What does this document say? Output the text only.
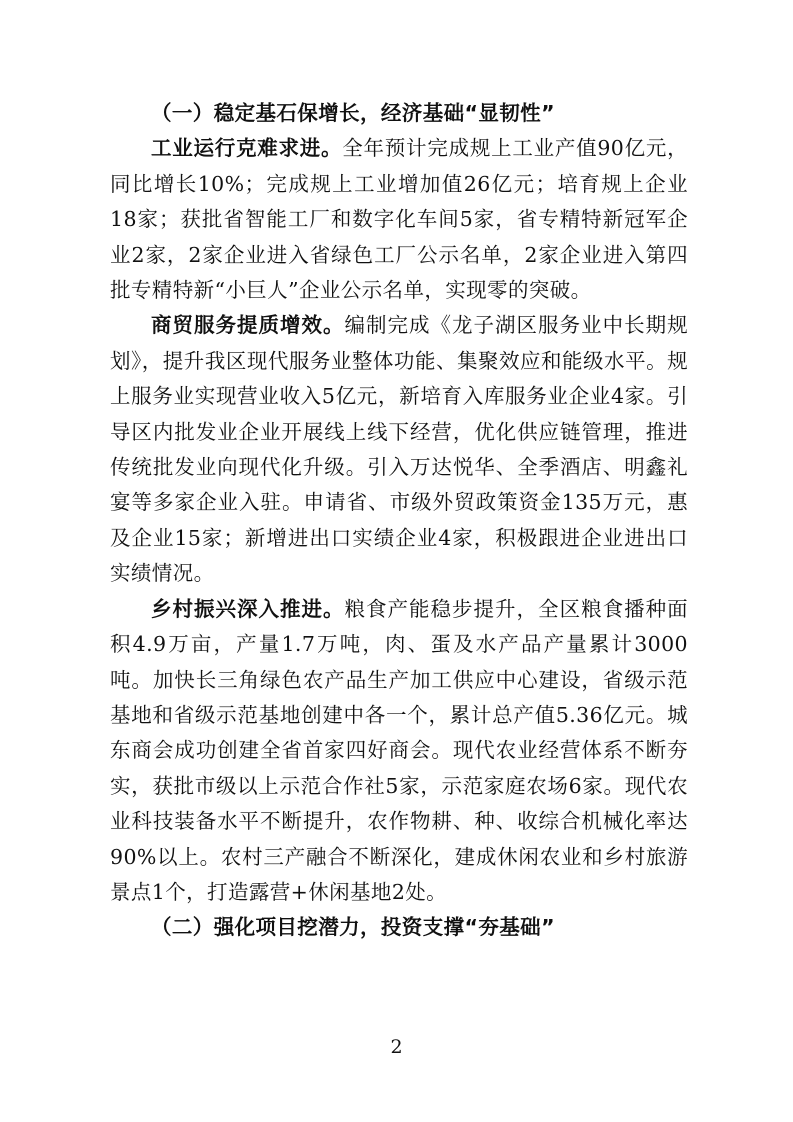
（一）稳定基石保增长，经济基础“显韧性”

工业运行克难求进。全年预计完成规上工业产值90亿元，同比增长10%；完成规上工业增加值26亿元；培育规上企业18家；获批省智能工厂和数字化车间5家，省专精特新冠军企业2家，2家企业进入省绿色工厂公示名单，2家企业进入第四批专精特新“小巨人”企业公示名单，实现零的突破。

商贸服务提质增效。编制完成《龙子湖区服务业中长期规划》，提升我区现代服务业整体功能、集聚效应和能级水平。规上服务业实现营业收入5亿元，新培育入库服务业企业4家。引导区内批发业企业开展线上线下经营，优化供应链管理，推进传统批发业向现代化升级。引入万达悦华、全季酒店、明鑫礼宴等多家企业入驻。申请省、市级外贸政策资金135万元，惠及企业15家；新增进出口实绩企业4家，积极跟进企业进出口实绩情况。

乡村振兴深入推进。粮食产能稳步提升，全区粮食播种面积4.9万亩，产量1.7万吨，肉、蛋及水产品产量累计3000吨。加快长三角绿色农产品生产加工供应中心建设，省级示范基地和省级示范基地创建中各一个，累计总产值5.36亿元。城东商会成功创建全省首家四好商会。现代农业经营体系不断夯实，获批市级以上示范合作社5家，示范家庭农场6家。现代农业科技装备水平不断提升，农作物耕、种、收综合机械化率达90%以上。农村三产融合不断深化，建成休闲农业和乡村旅游景点1个，打造露营+休闲基地2处。

（二）强化项目挖潜力，投资支撑“夯基础”

2
